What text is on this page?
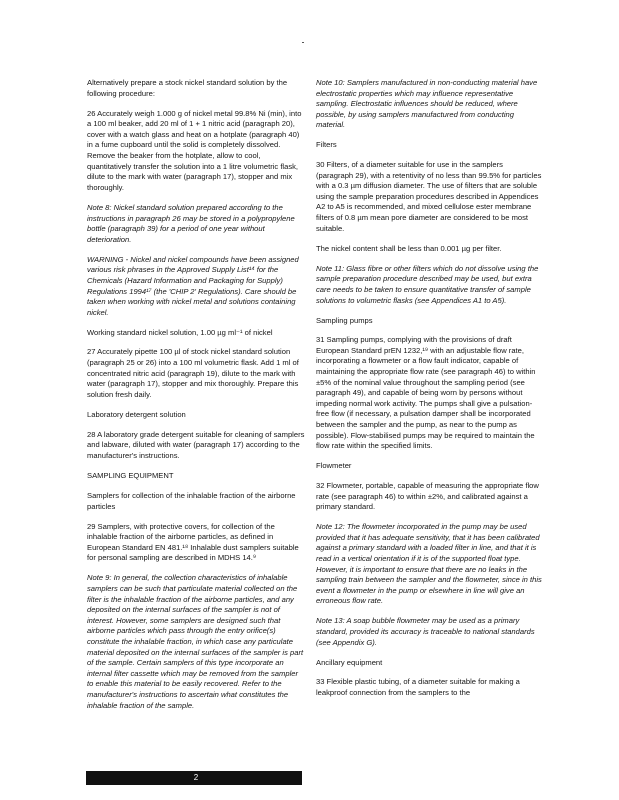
Alternatively prepare a stock nickel standard solution by the following procedure:

26 Accurately weigh 1.000 g of nickel metal 99.8% Ni (min), into a 100 ml beaker, add 20 ml of 1 + 1 nitric acid (paragraph 20), cover with a watch glass and heat on a hotplate (paragraph 40) in a fume cupboard until the solid is completely dissolved. Remove the beaker from the hotplate, allow to cool, quantitatively transfer the solution into a 1 litre volumetric flask, dilute to the mark with water (paragraph 17), stopper and mix thoroughly.

Note 8: Nickel standard solution prepared according to the instructions in paragraph 26 may be stored in a polypropylene bottle (paragraph 39) for a period of one year without deterioration.

WARNING - Nickel and nickel compounds have been assigned various risk phrases in the Approved Supply List¹⁴ for the Chemicals (Hazard Information and Packaging for Supply) Regulations 1994¹⁷ (the 'CHIP 2' Regulations). Care should be taken when working with nickel metal and solutions containing nickel.

Working standard nickel solution, 1.00 µg ml⁻¹ of nickel

27 Accurately pipette 100 µl of stock nickel standard solution (paragraph 25 or 26) into a 100 ml volumetric flask. Add 1 ml of concentrated nitric acid (paragraph 19), dilute to the mark with water (paragraph 17), stopper and mix thoroughly. Prepare this solution fresh daily.

Laboratory detergent solution

28 A laboratory grade detergent suitable for cleaning of samplers and labware, diluted with water (paragraph 17) according to the manufacturer's instructions.

SAMPLING EQUIPMENT

Samplers for collection of the inhalable fraction of the airborne particles

29 Samplers, with protective covers, for collection of the inhalable fraction of the airborne particles, as defined in European Standard EN 481.¹⁸ Inhalable dust samplers suitable for personal sampling are described in MDHS 14.⁹

Note 9: In general, the collection characteristics of inhalable samplers can be such that particulate material collected on the filter is the inhalable fraction of the airborne particles, and any deposited on the internal surfaces of the sampler is not of interest. However, some samplers are designed such that airborne particles which pass through the entry orifice(s) constitute the inhalable fraction, in which case any particulate material deposited on the internal surfaces of the sampler is part of the sample. Certain samplers of this type incorporate an internal filter cassette which may be removed from the sampler to enable this material to be easily recovered. Refer to the manufacturer's instructions to ascertain what constitutes the inhalable fraction of the sample.

Note 10: Samplers manufactured in non-conducting material have electrostatic properties which may influence representative sampling. Electrostatic influences should be reduced, where possible, by using samplers manufactured from conducting material.

Filters

30 Filters, of a diameter suitable for use in the samplers (paragraph 29), with a retentivity of no less than 99.5% for particles with a 0.3 µm diffusion diameter. The use of filters that are soluble using the sample preparation procedures described in Appendices A2 to A5 is recommended, and mixed cellulose ester membrane filters of 0.8 µm mean pore diameter are considered to be most suitable.

The nickel content shall be less than 0.001 µg per filter.

Note 11: Glass fibre or other filters which do not dissolve using the sample preparation procedure described may be used, but extra care needs to be taken to ensure quantitative transfer of sample solutions to volumetric flasks (see Appendices A1 to A5).

Sampling pumps

31 Sampling pumps, complying with the provisions of draft European Standard prEN 1232,¹⁹ with an adjustable flow rate, incorporating a flowmeter or a flow fault indicator, capable of maintaining the appropriate flow rate (see paragraph 46) to within ±5% of the nominal value throughout the sampling period (see paragraph 49), and capable of being worn by persons without impeding normal work activity. The pumps shall give a pulsation-free flow (if necessary, a pulsation damper shall be incorporated between the sampler and the pump, as near to the pump as possible). Flow-stabilised pumps may be required to maintain the flow rate within the specified limits.

Flowmeter

32 Flowmeter, portable, capable of measuring the appropriate flow rate (see paragraph 46) to within ±2%, and calibrated against a primary standard.

Note 12: The flowmeter incorporated in the pump may be used provided that it has adequate sensitivity, that it has been calibrated against a primary standard with a loaded filter in line, and that it is read in a vertical orientation if it is of the supported float type. However, it is important to ensure that there are no leaks in the sampling train between the sampler and the flowmeter, since in this event a flowmeter in the pump or elsewhere in line will give an erroneous flow rate.

Note 13: A soap bubble flowmeter may be used as a primary standard, provided its accuracy is traceable to national standards (see Appendix G).

Ancillary equipment

33 Flexible plastic tubing, of a diameter suitable for making a leakproof connection from the samplers to the

2
